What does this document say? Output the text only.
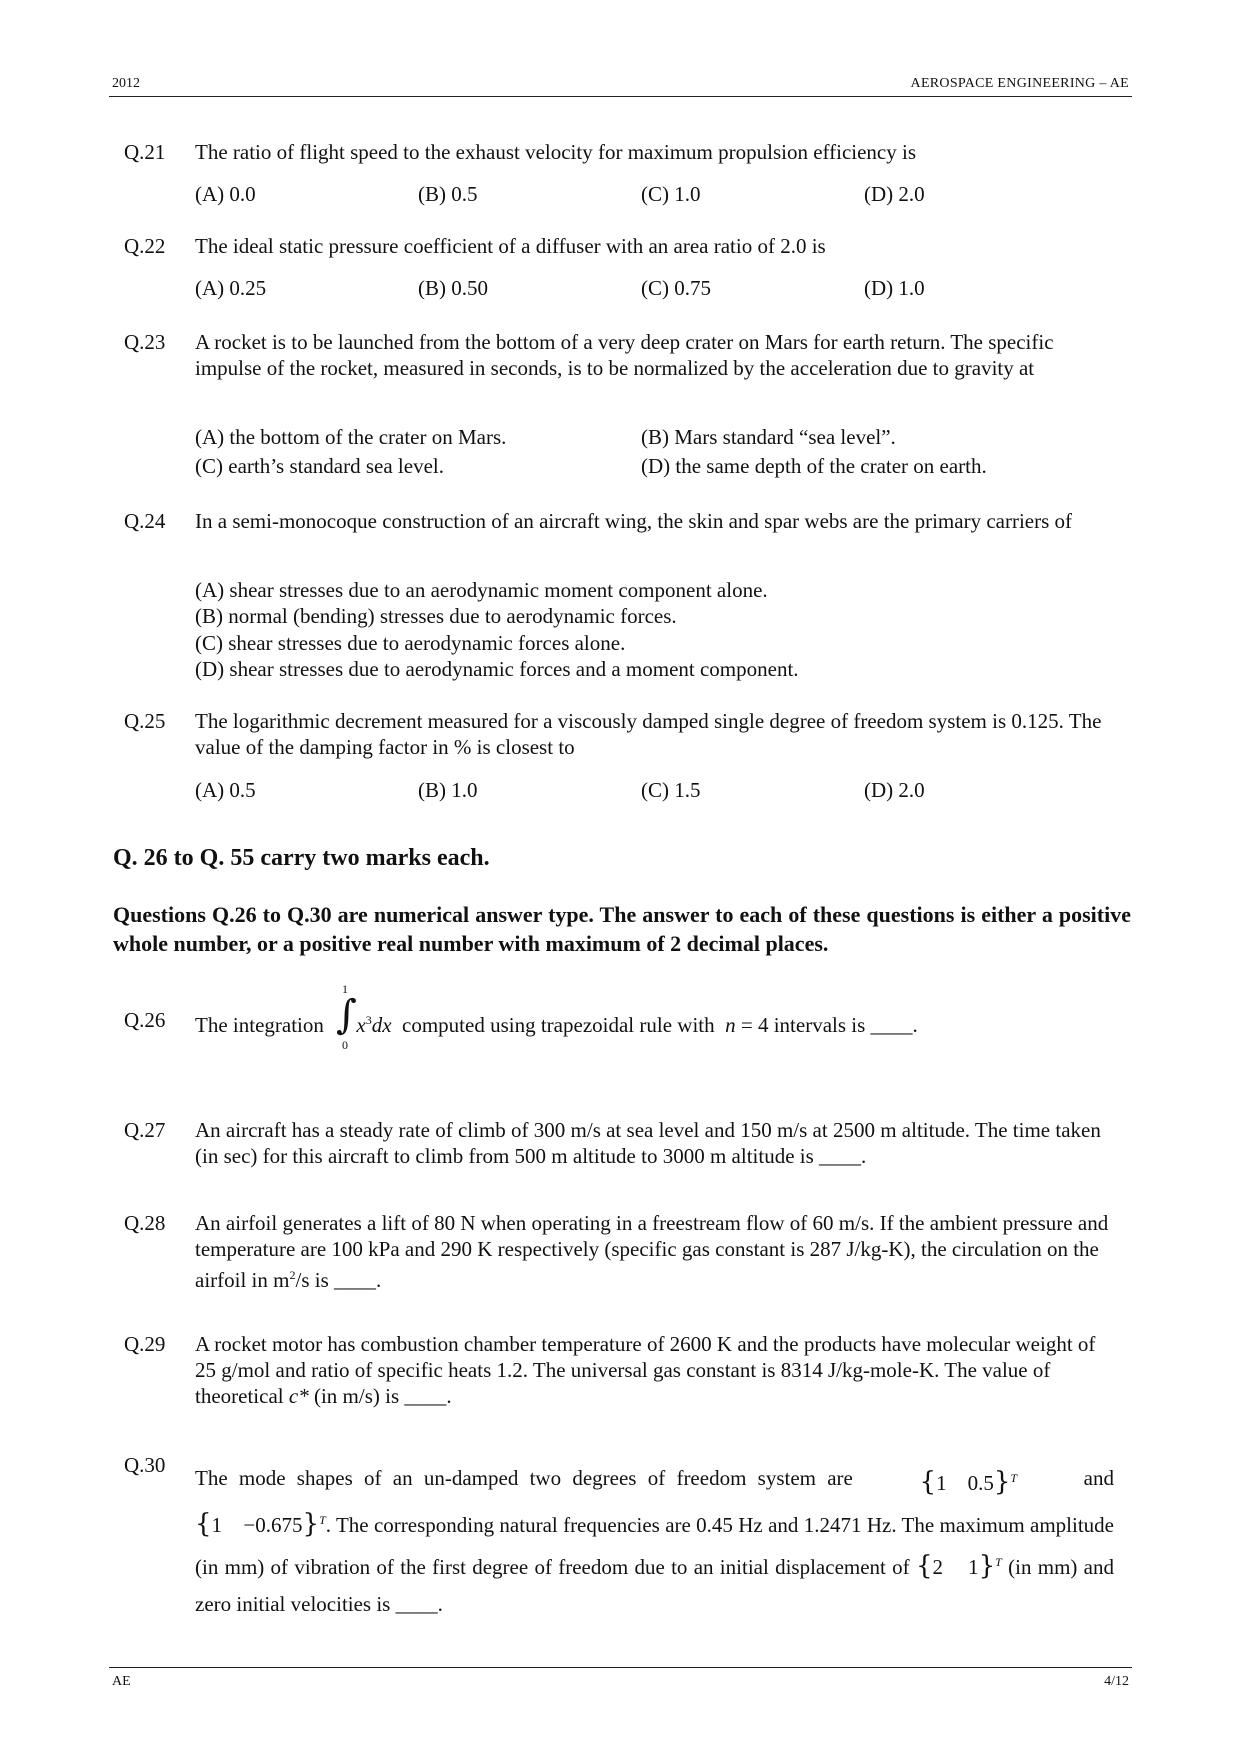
2012	AEROSPACE ENGINEERING – AE
Q.21 The ratio of flight speed to the exhaust velocity for maximum propulsion efficiency is
(A) 0.0	(B) 0.5	(C) 1.0	(D) 2.0
Q.22 The ideal static pressure coefficient of a diffuser with an area ratio of 2.0 is
(A) 0.25	(B) 0.50	(C) 0.75	(D) 1.0
Q.23 A rocket is to be launched from the bottom of a very deep crater on Mars for earth return. The specific impulse of the rocket, measured in seconds, is to be normalized by the acceleration due to gravity at
(A) the bottom of the crater on Mars.	(B) Mars standard “sea level”.
(C) earth’s standard sea level.	(D) the same depth of the crater on earth.
Q.24 In a semi-monocoque construction of an aircraft wing, the skin and spar webs are the primary carriers of
(A) shear stresses due to an aerodynamic moment component alone.
(B) normal (bending) stresses due to aerodynamic forces.
(C) shear stresses due to aerodynamic forces alone.
(D) shear stresses due to aerodynamic forces and a moment component.
Q.25 The logarithmic decrement measured for a viscously damped single degree of freedom system is 0.125. The value of the damping factor in % is closest to
(A) 0.5	(B) 1.0	(C) 1.5	(D) 2.0
Q. 26 to Q. 55 carry two marks each.
Questions Q.26 to Q.30 are numerical answer type. The answer to each of these questions is either a positive whole number, or a positive real number with maximum of 2 decimal places.
Q.26 The integration $x^3dx$ computed using trapezoidal rule with n = 4 intervals is ____.
1
∫
0
Q.27 An aircraft has a steady rate of climb of 300 m/s at sea level and 150 m/s at 2500 m altitude. The time taken (in sec) for this aircraft to climb from 500 m altitude to 3000 m altitude is ____.
Q.28 An airfoil generates a lift of 80 N when operating in a freestream flow of 60 m/s. If the ambient pressure and temperature are 100 kPa and 290 K respectively (specific gas constant is 287 J/kg-K), the circulation on the airfoil in $m^2/s$ is ____.
Q.29 A rocket motor has combustion chamber temperature of 2600 K and the products have molecular weight of 25 g/mol and ratio of specific heats 1.2. The universal gas constant is 8314 J/kg-mole-K. The value of theoretical c* (in m/s) is ____.
Q.30
The mode shapes of an un-damped two degrees of freedom system are	{1    0.5}$^T$	and
{1    −0.675}$^T$. The corresponding natural frequencies are 0.45 Hz and 1.2471 Hz. The maximum amplitude (in mm) of vibration of the first degree of freedom due to an initial displacement of {2    1}$^T$ (in mm) and zero initial velocities is ____.
AE	4/12
